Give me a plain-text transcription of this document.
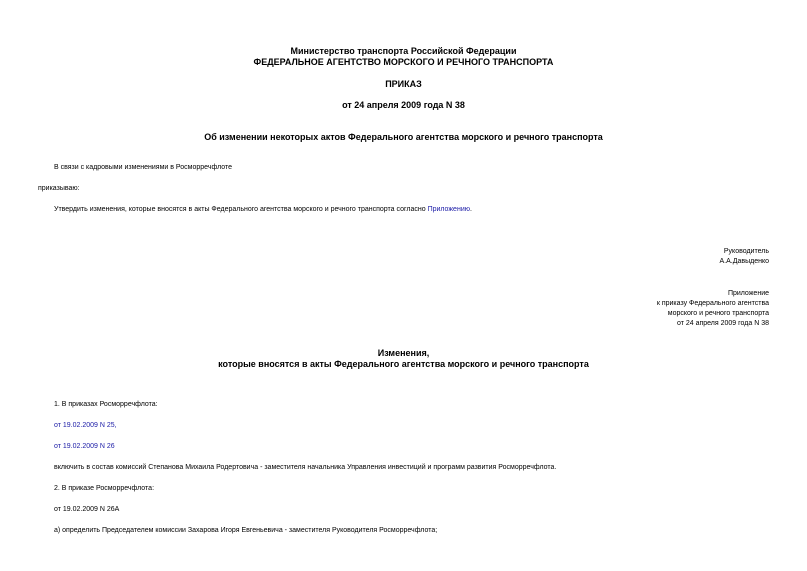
Министерство транспорта Российской Федерации
ФЕДЕРАЛЬНОЕ АГЕНТСТВО МОРСКОГО И РЕЧНОГО ТРАНСПОРТА
ПРИКАЗ
от 24 апреля 2009 года N 38
Об изменении некоторых актов Федерального агентства морского и речного транспорта
В связи с кадровыми изменениями в Росморречфлоте
приказываю:
Утвердить изменения, которые вносятся в акты Федерального агентства морского и речного транспорта согласно Приложению.
Руководитель
А.А.Давыденко
Приложение
к приказу Федерального агентства
морского и речного транспорта
от 24 апреля 2009 года N 38
Изменения,
которые вносятся в акты Федерального агентства морского и речного транспорта
1. В приказах Росморречфлота:
от 19.02.2009 N 25,
от 19.02.2009 N 26
включить в состав комиссий Степанова Михаила Родертовича - заместителя начальника Управления инвестиций и программ развития Росморречфлота.
2. В приказе Росморречфлота:
от 19.02.2009 N 26А
а) определить Председателем комиссии Захарова Игоря Евгеньевича - заместителя Руководителя Росморречфлота;
